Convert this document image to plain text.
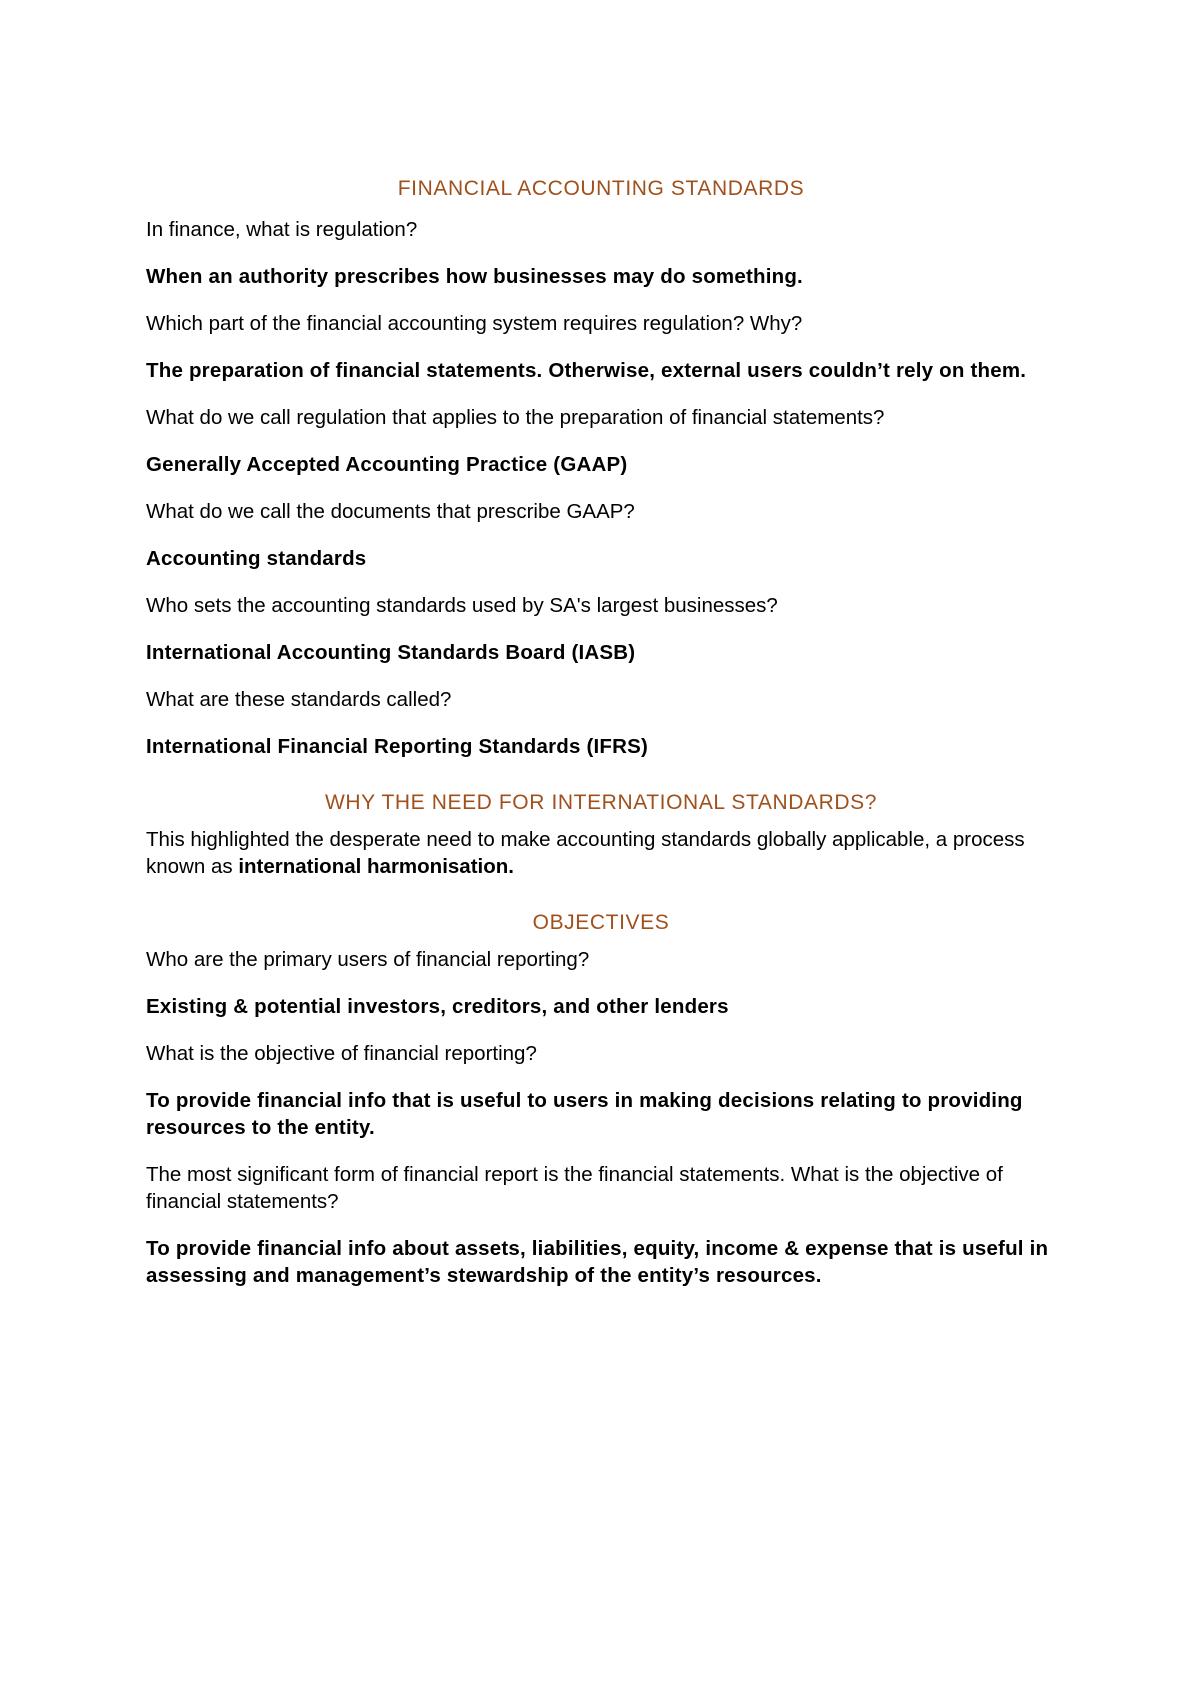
FINANCIAL ACCOUNTING STANDARDS

In finance, what is regulation?

When an authority prescribes how businesses may do something.

Which part of the financial accounting system requires regulation? Why?

The preparation of financial statements. Otherwise, external users couldn’t rely on them.

What do we call regulation that applies to the preparation of financial statements?

Generally Accepted Accounting Practice (GAAP)

What do we call the documents that prescribe GAAP?

Accounting standards

Who sets the accounting standards used by SA's largest businesses?

International Accounting Standards Board (IASB)

What are these standards called?

International Financial Reporting Standards (IFRS)

WHY THE NEED FOR INTERNATIONAL STANDARDS?

This highlighted the desperate need to make accounting standards globally applicable, a process known as international harmonisation.

OBJECTIVES

Who are the primary users of financial reporting?

Existing & potential investors, creditors, and other lenders

What is the objective of financial reporting?

To provide financial info that is useful to users in making decisions relating to providing resources to the entity.

The most significant form of financial report is the financial statements. What is the objective of financial statements?

To provide financial info about assets, liabilities, equity, income & expense that is useful in assessing and management’s stewardship of the entity’s resources.
